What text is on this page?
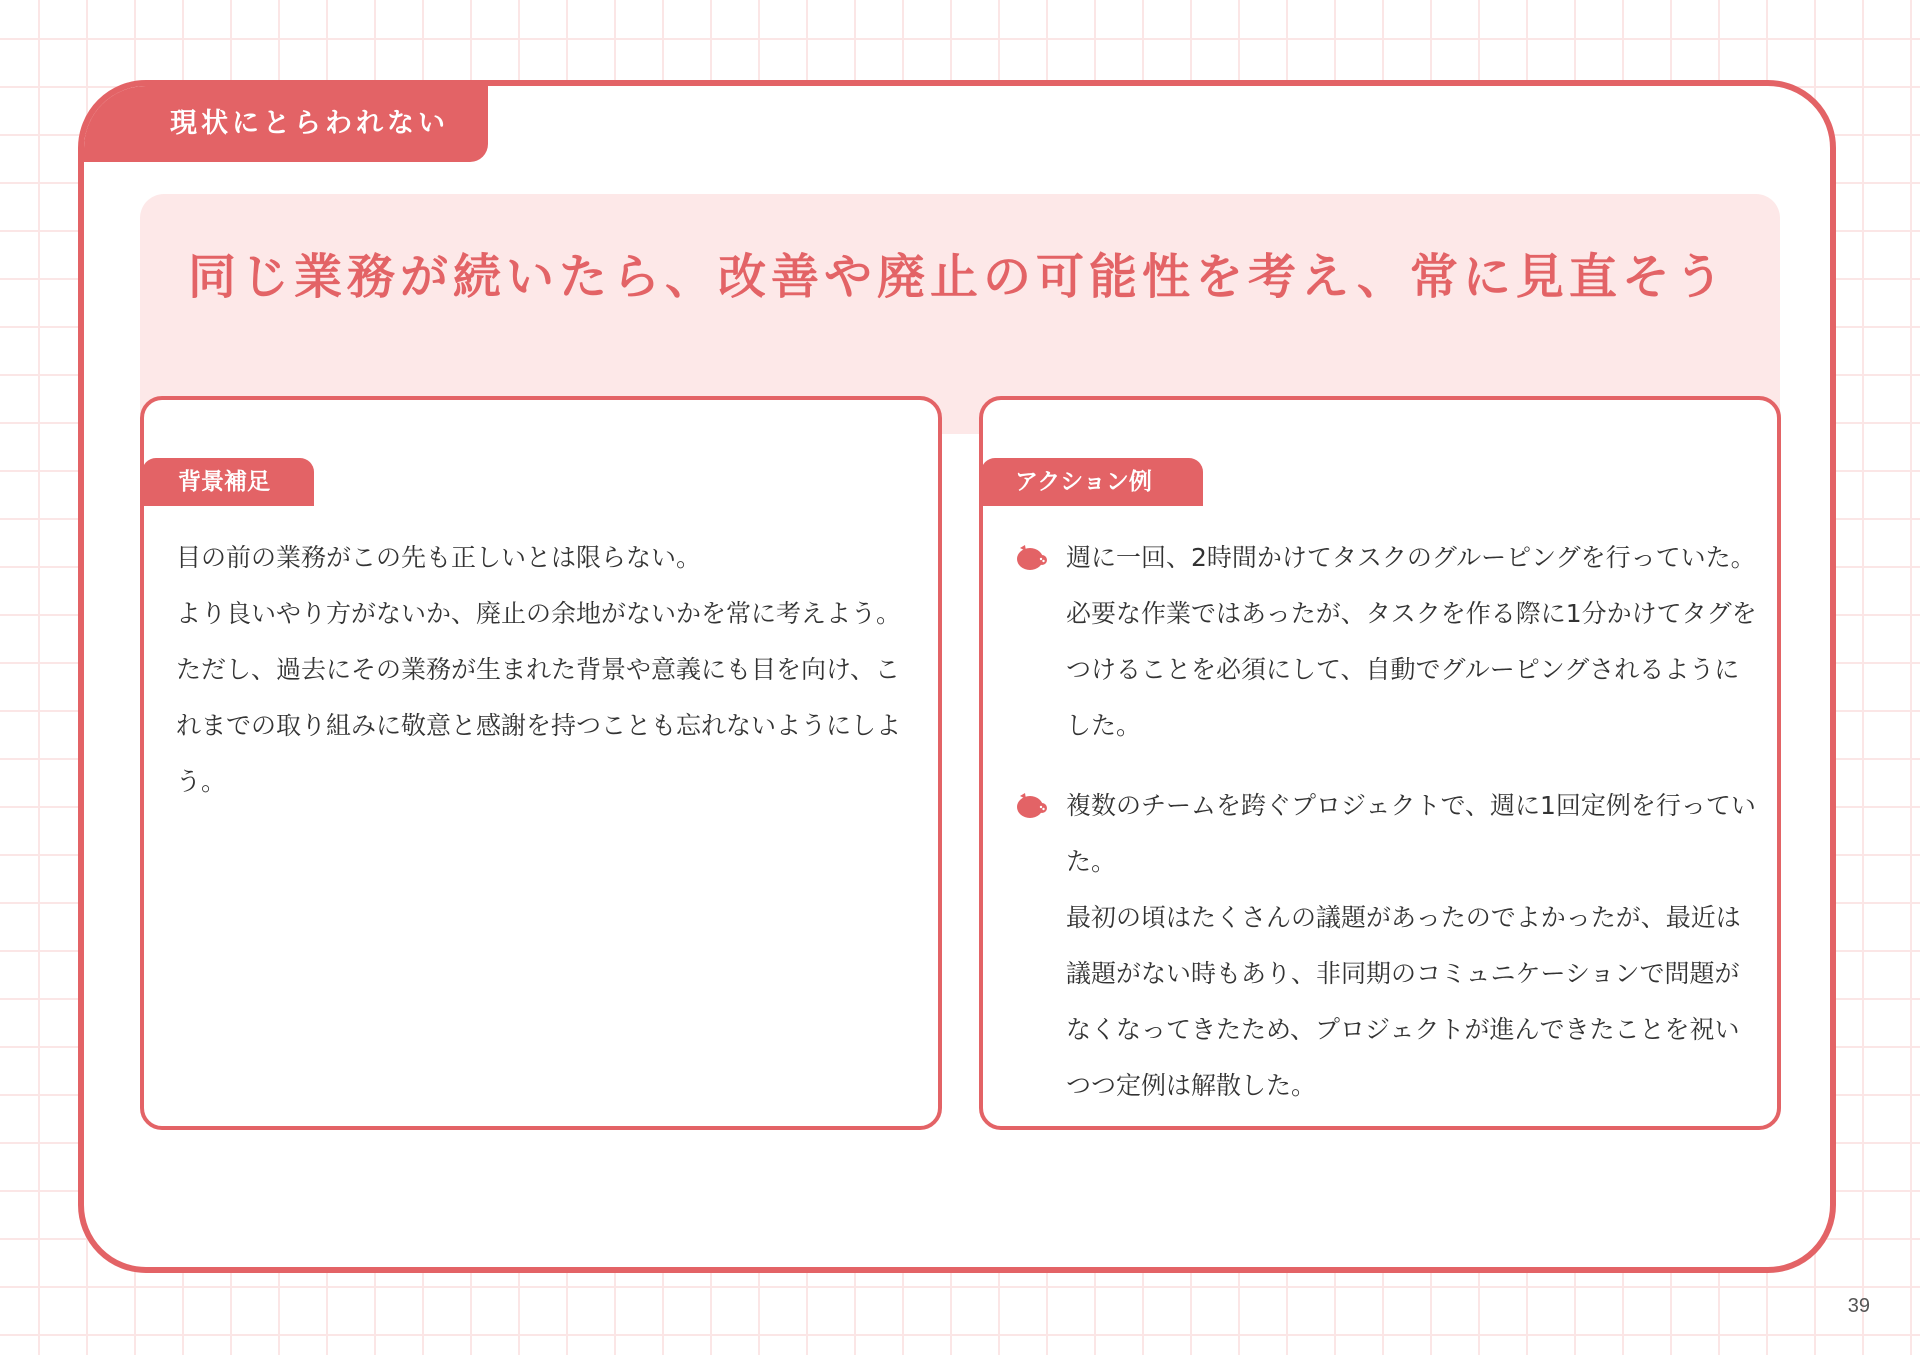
現状にとらわれない
同じ業務が続いたら、改善や廃止の可能性を考え、常に見直そう
背景補足	アクション例
目の前の業務がこの先も正しいとは限らない。
より良いやり方がないか、廃止の余地がないかを常に考えよう。ただし、過去にその業務が生まれた背景や意義にも目を向け、これまでの取り組みに敬意と感謝を持つことも忘れないようにしよう。
週に一回、2時間かけてタスクのグルーピングを行っていた。必要な作業ではあったが、タスクを作る際に1分かけてタグをつけることを必須にして、自動でグルーピングされるようにした。
複数のチームを跨ぐプロジェクトで、週に1回定例を行っていた。
最初の頃はたくさんの議題があったのでよかったが、最近は議題がない時もあり、非同期のコミュニケーションで問題がなくなってきたため、プロジェクトが進んできたことを祝いつつ定例は解散した。
39
